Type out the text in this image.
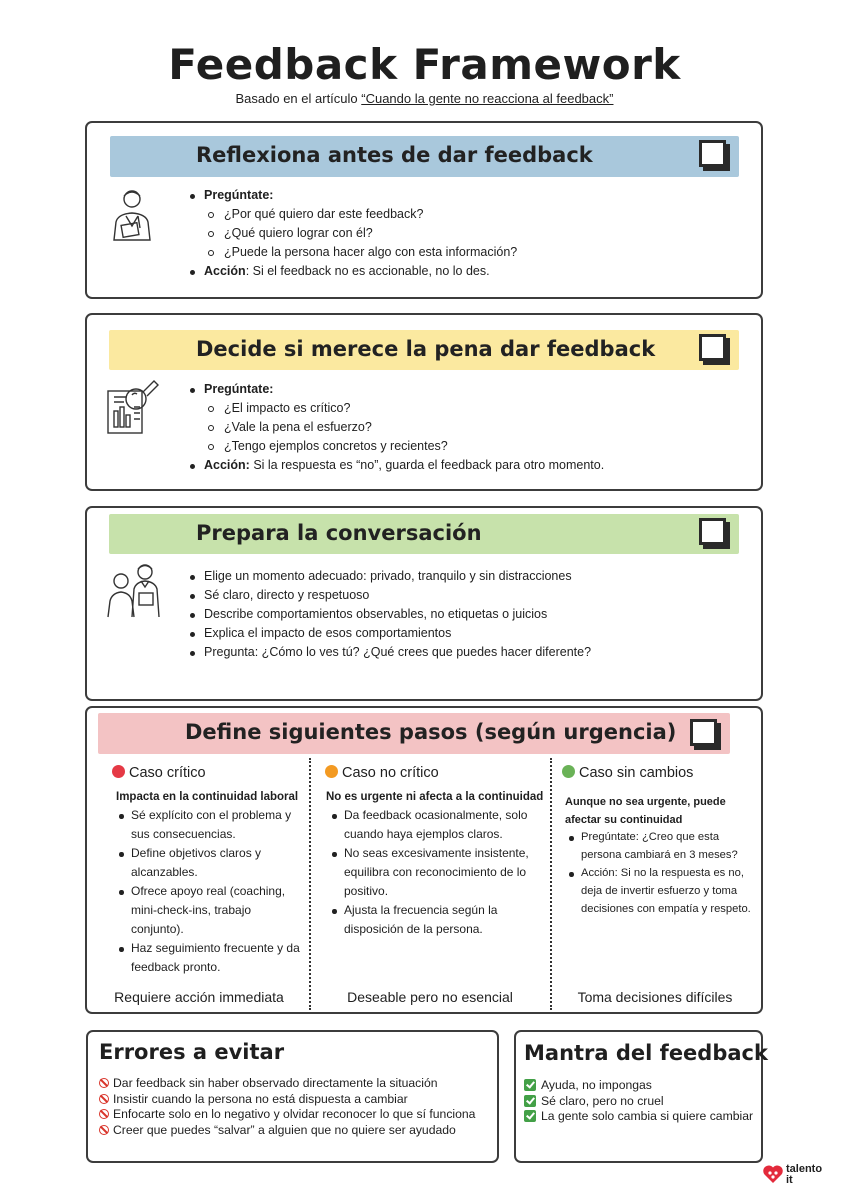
Feedback Framework
Basado en el artículo “Cuando la gente no reacciona al feedback”
Reflexiona antes de dar feedback
Pregúntate:
¿Por qué quiero dar este feedback?
¿Qué quiero lograr con él?
¿Puede la persona hacer algo con esta información?
Acción: Si el feedback no es accionable, no lo des.
Decide si merece la pena dar feedback
Pregúntate:
¿El impacto es crítico?
¿Vale la pena el esfuerzo?
¿Tengo ejemplos concretos y recientes?
Acción: Si la respuesta es “no”, guarda el feedback para otro momento.
Prepara la conversación
Elige un momento adecuado: privado, tranquilo y sin distracciones
Sé claro, directo y respetuoso
Describe comportamientos observables, no etiquetas o juicios
Explica el impacto de esos comportamientos
Pregunta: ¿Cómo lo ves tú? ¿Qué crees que puedes hacer diferente?
Define siguientes pasos (según urgencia)
Caso crítico
Impacta en la continuidad laboral
Sé explícito con el problema y sus consecuencias.
Define objetivos claros y alcanzables.
Ofrece apoyo real (coaching, mini-check-ins, trabajo conjunto).
Haz seguimiento frecuente y da feedback pronto.
Requiere acción immediata
Caso no crítico
No es urgente ni afecta a la continuidad
Da feedback ocasionalmente, solo cuando haya ejemplos claros.
No seas excesivamente insistente, equilibra con reconocimiento de lo positivo.
Ajusta la frecuencia según la disposición de la persona.
Deseable pero no esencial
Caso sin cambios
Aunque no sea urgente, puede afectar su continuidad
Pregúntate: ¿Creo que esta persona cambiará en 3 meses?
Acción: Si no la respuesta es no, deja de invertir esfuerzo y toma decisiones con empatía y respeto.
Toma decisiones difíciles
Errores a evitar
Dar feedback sin haber observado directamente la situación
Insistir cuando la persona no está dispuesta a cambiar
Enfocarte solo en lo negativo y olvidar reconocer lo que sí funciona
Creer que puedes “salvar” a alguien que no quiere ser ayudado
Mantra del feedback
Ayuda, no impongas
Sé claro, pero no cruel
La gente solo cambia si quiere cambiar
talento
it
